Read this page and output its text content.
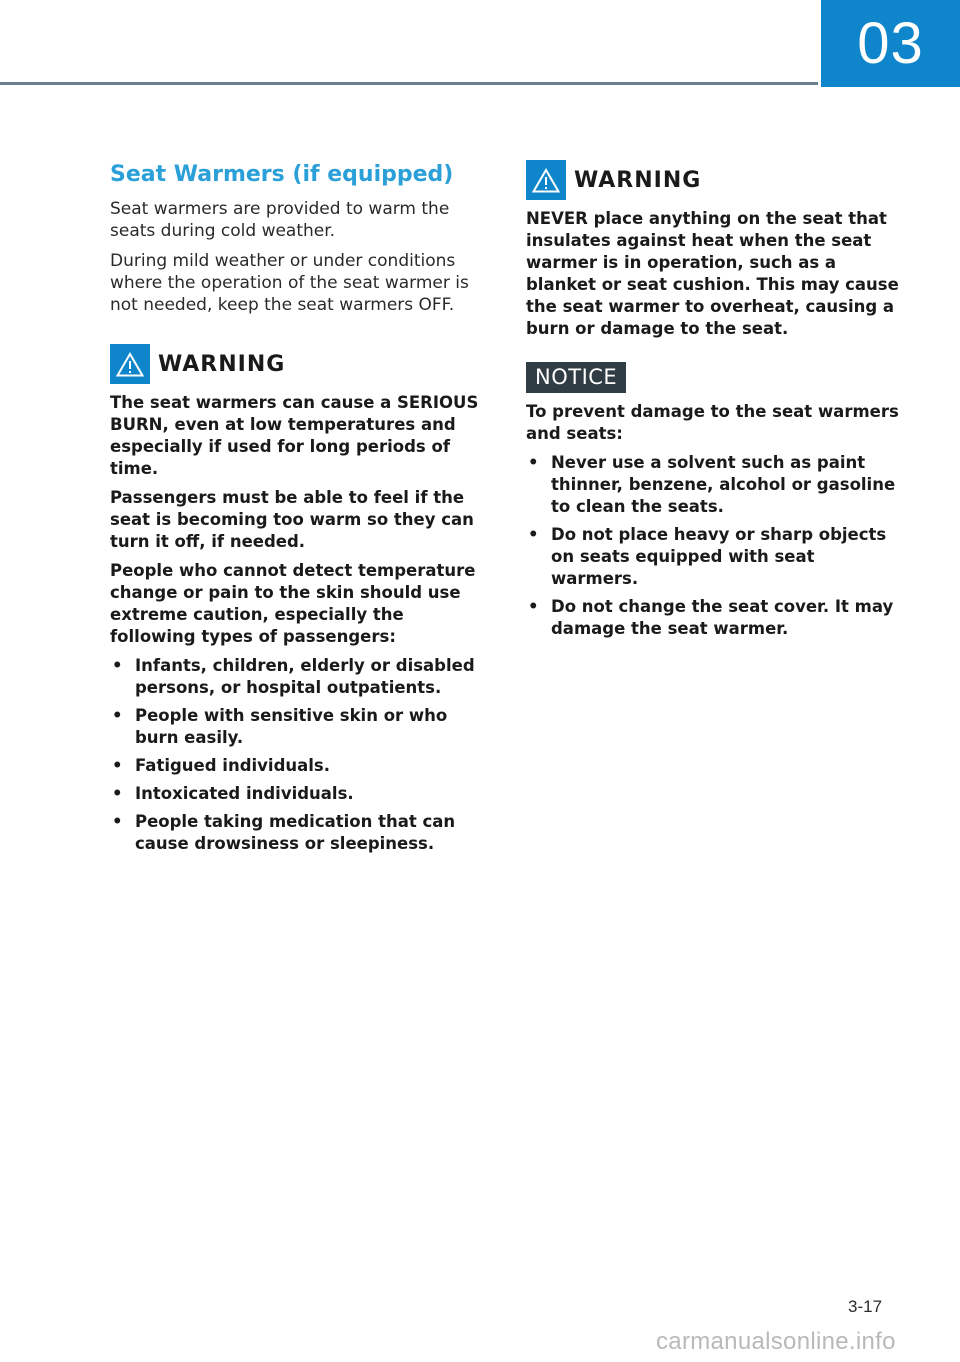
03
Seat Warmers (if equipped)

Seat warmers are provided to warm the seats during cold weather.

During mild weather or under conditions where the operation of the seat warmer is not needed, keep the seat warmers OFF.

WARNING

The seat warmers can cause a SERIOUS BURN, even at low temperatures and especially if used for long periods of time.

Passengers must be able to feel if the seat is becoming too warm so they can turn it off, if needed.

People who cannot detect temperature change or pain to the skin should use extreme caution, especially the following types of passengers:

• Infants, children, elderly or disabled persons, or hospital outpatients.
• People with sensitive skin or who burn easily.
• Fatigued individuals.
• Intoxicated individuals.
• People taking medication that can cause drowsiness or sleepiness.
WARNING

NEVER place anything on the seat that insulates against heat when the seat warmer is in operation, such as a blanket or seat cushion. This may cause the seat warmer to overheat, causing a burn or damage to the seat.

NOTICE

To prevent damage to the seat warmers and seats:

• Never use a solvent such as paint thinner, benzene, alcohol or gasoline to clean the seats.
• Do not place heavy or sharp objects on seats equipped with seat warmers.
• Do not change the seat cover. It may damage the seat warmer.
3-17
carmanualsonline.info
